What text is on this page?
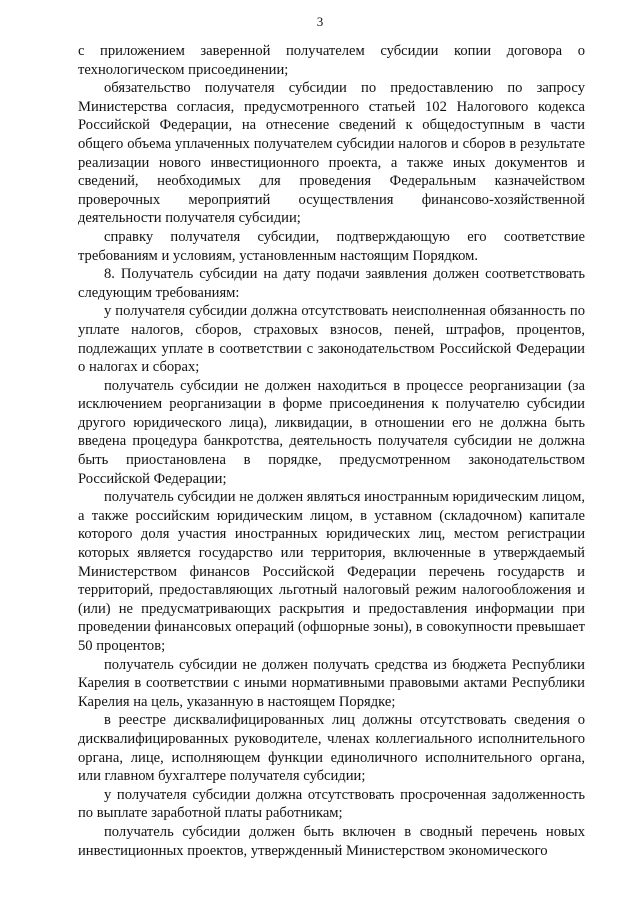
3

с приложением заверенной получателем субсидии копии договора о технологическом присоединении;

обязательство получателя субсидии по предоставлению по запросу Министерства согласия, предусмотренного статьей 102 Налогового кодекса Российской Федерации, на отнесение сведений к общедоступным в части общего объема уплаченных получателем субсидии налогов и сборов в результате реализации нового инвестиционного проекта, а также иных документов и сведений, необходимых для проведения Федеральным казначейством проверочных мероприятий осуществления финансово-хозяйственной деятельности получателя субсидии;

справку получателя субсидии, подтверждающую его соответствие требованиям и условиям, установленным настоящим Порядком.

8. Получатель субсидии на дату подачи заявления должен соответствовать следующим требованиям:

у получателя субсидии должна отсутствовать неисполненная обязанность по уплате налогов, сборов, страховых взносов, пеней, штрафов, процентов, подлежащих уплате в соответствии с законодательством Российской Федерации о налогах и сборах;

получатель субсидии не должен находиться в процессе реорганизации (за исключением реорганизации в форме присоединения к получателю субсидии другого юридического лица), ликвидации, в отношении его не должна быть введена процедура банкротства, деятельность получателя субсидии не должна быть приостановлена в порядке, предусмотренном законодательством Российской Федерации;

получатель субсидии не должен являться иностранным юридическим лицом, а также российским юридическим лицом, в уставном (складочном) капитале которого доля участия иностранных юридических лиц, местом регистрации которых является государство или территория, включенные в утверждаемый Министерством финансов Российской Федерации перечень государств и территорий, предоставляющих льготный налоговый режим налогообложения и (или) не предусматривающих раскрытия и предоставления информации при проведении финансовых операций (офшорные зоны), в совокупности превышает 50 процентов;

получатель субсидии не должен получать средства из бюджета Республики Карелия в соответствии с иными нормативными правовыми актами Республики Карелия на цель, указанную в настоящем Порядке;

в реестре дисквалифицированных лиц должны отсутствовать сведения о дисквалифицированных руководителе, членах коллегиального исполнительного органа, лице, исполняющем функции единоличного исполнительного органа, или главном бухгалтере получателя субсидии;

у получателя субсидии должна отсутствовать просроченная задолженность по выплате заработной платы работникам;

получатель субсидии должен быть включен в сводный перечень новых инвестиционных проектов, утвержденный Министерством экономического
